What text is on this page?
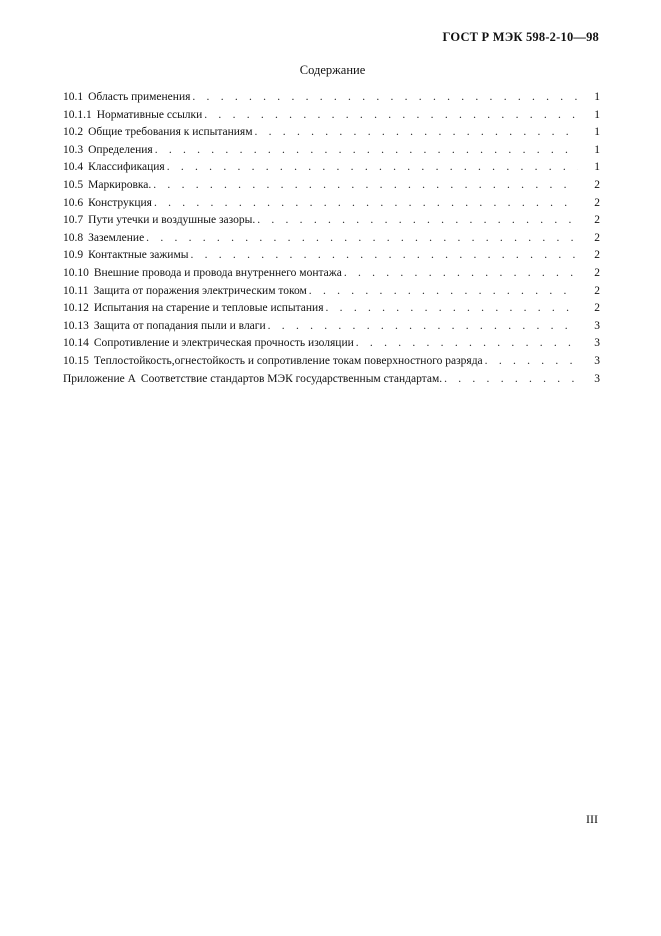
ГОСТ Р МЭК 598-2-10—98
Содержание
10.1 Область применения . . .	1
10.1.1 Нормативные ссылки . . .	1
10.2 Общие требования к испытаниям . . .	1
10.3 Определения . . .	1
10.4 Классификация . . .	1
10.5 Маркировка. . . .	2
10.6 Конструкция . . .	2
10.7 Пути утечки и воздушные зазоры. . . .	2
10.8 Заземление . . .	2
10.9 Контактные зажимы . . .	2
10.10 Внешние провода и провода внутреннего монтажа . . .	2
10.11 Защита от поражения электрическим током . . .	2
10.12 Испытания на старение и тепловые испытания . . .	2
10.13 Защита от попадания пыли и влаги . . .	3
10.14 Сопротивление и электрическая прочность изоляции . . .	3
10.15 Теплостойкость,огнестойкость и сопротивление токам поверхностного разряда . . .	3
Приложение А Соответствие стандартов МЭК государственным стандартам. . . .	3
III
